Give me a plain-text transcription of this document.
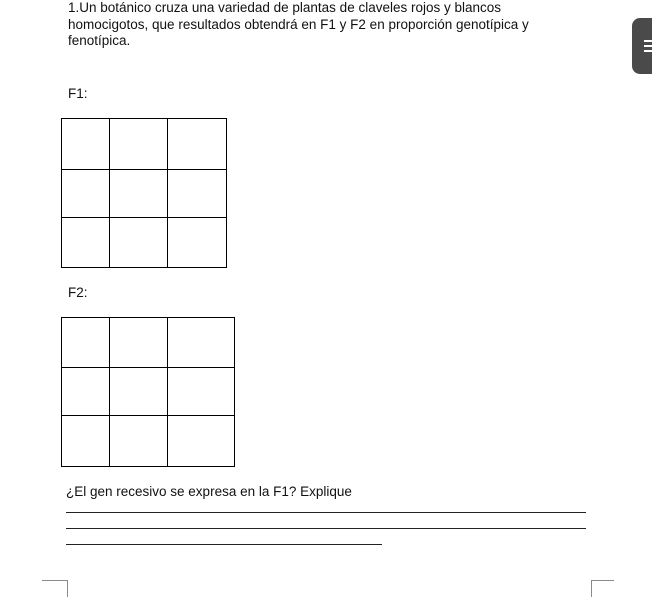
1.Un botánico cruza una variedad de plantas de claveles rojos y blancos homocigotos, que resultados obtendrá en F1 y F2 en proporción genotípica y fenotípica.

F1:

F2:

¿El gen recesivo se expresa en la F1? Explique
